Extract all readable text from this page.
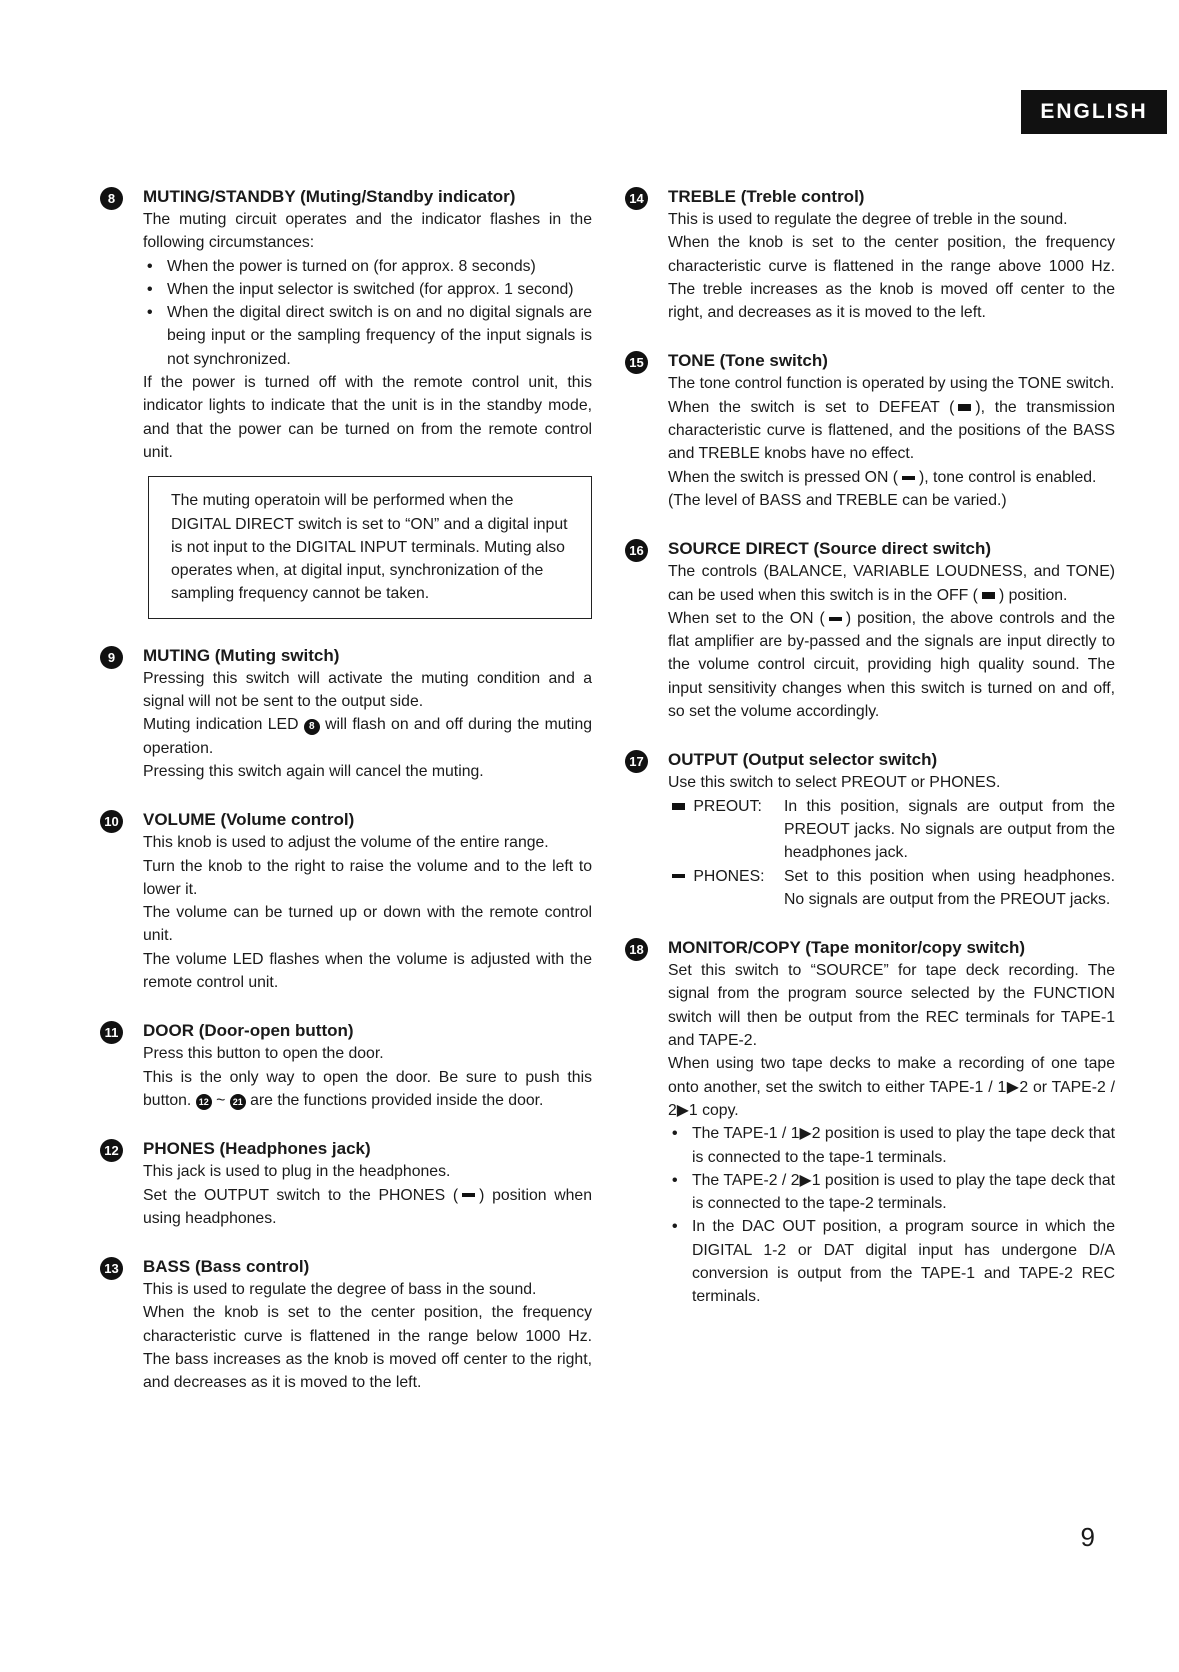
ENGLISH
8	MUTING/STANDBY (Muting/Standby indicator)

The muting circuit operates and the indicator flashes in the following circumstances:

• When the power is turned on (for approx. 8 seconds)
• When the input selector is switched (for approx. 1 second)
• When the digital direct switch is on and no digital signals are being input or the sampling frequency of the input signals is not synchronized.

If the power is turned off with the remote control unit, this indicator lights to indicate that the unit is in the standby mode, and that the power can be turned on from the remote control unit.

The muting operatoin will be performed when the DIGITAL DIRECT switch is set to “ON” and a digital input is not input to the DIGITAL INPUT terminals. Muting also operates when, at digital input, synchronization of the sampling frequency cannot be taken.
9	MUTING (Muting switch)

Pressing this switch will activate the muting condition and a signal will not be sent to the output side.

Muting indication LED 8 will flash on and off during the muting operation.

Pressing this switch again will cancel the muting.

10 VOLUME (Volume control)

This knob is used to adjust the volume of the entire range.

Turn the knob to the right to raise the volume and to the left to lower it.

The volume can be turned up or down with the remote control unit.

The volume LED flashes when the volume is adjusted with the remote control unit.

11 DOOR (Door-open button)

Press this button to open the door.

This is the only way to open the door. Be sure to push this button. 12 ~ 21 are the functions provided inside the door.

12 PHONES (Headphones jack)

This jack is used to plug in the headphones.

Set the OUTPUT switch to the PHONES ( ) position when using headphones.

13 BASS (Bass control)

This is used to regulate the degree of bass in the sound.

When the knob is set to the center position, the frequency characteristic curve is flattened in the range below 1000 Hz. The bass increases as the knob is moved off center to the right, and decreases as it is moved to the left.

14 TREBLE (Treble control)

This is used to regulate the degree of treble in the sound.

When the knob is set to the center position, the frequency characteristic curve is flattened in the range above 1000 Hz. The treble increases as the knob is moved off center to the right, and decreases as it is moved to the left.

15 TONE (Tone switch)

The tone control function is operated by using the TONE switch.

When the switch is set to DEFEAT ( ), the transmission characteristic curve is flattened, and the positions of the BASS and TREBLE knobs have no effect.

When the switch is pressed ON ( ), tone control is enabled.

(The level of BASS and TREBLE can be varied.)

16 SOURCE DIRECT (Source direct switch)

The controls (BALANCE, VARIABLE LOUDNESS, and TONE) can be used when this switch is in the OFF ( ) position.

When set to the ON ( ) position, the above controls and the flat amplifier are by-passed and the signals are input directly to the volume control circuit, providing high quality sound. The input sensitivity changes when this switch is turned on and off, so set the volume accordingly.

17 OUTPUT (Output selector switch)

Use this switch to select PREOUT or PHONES.

PREOUT:	In this position, signals are output from the PREOUT jacks. No signals are output from the headphones jack.
PHONES:	Set to this position when using headphones. No signals are output from the PREOUT jacks.
18 MONITOR/COPY (Tape monitor/copy switch)

Set this switch to “SOURCE” for tape deck recording. The signal from the program source selected by the FUNCTION switch will then be output from the REC terminals for TAPE-1 and TAPE-2.

When using two tape decks to make a recording of one tape onto another, set the switch to either TAPE-1 / 1▶2 or TAPE-2 / 2▶1 copy.

• The TAPE-1 / 1▶2 position is used to play the tape deck that is connected to the tape-1 terminals.
• The TAPE-2 / 2▶1 position is used to play the tape deck that is connected to the tape-2 terminals.
• In the DAC OUT position, a program source in which the DIGITAL 1-2 or DAT digital input has undergone D/A conversion is output from the TAPE-1 and TAPE-2 REC terminals.
9
